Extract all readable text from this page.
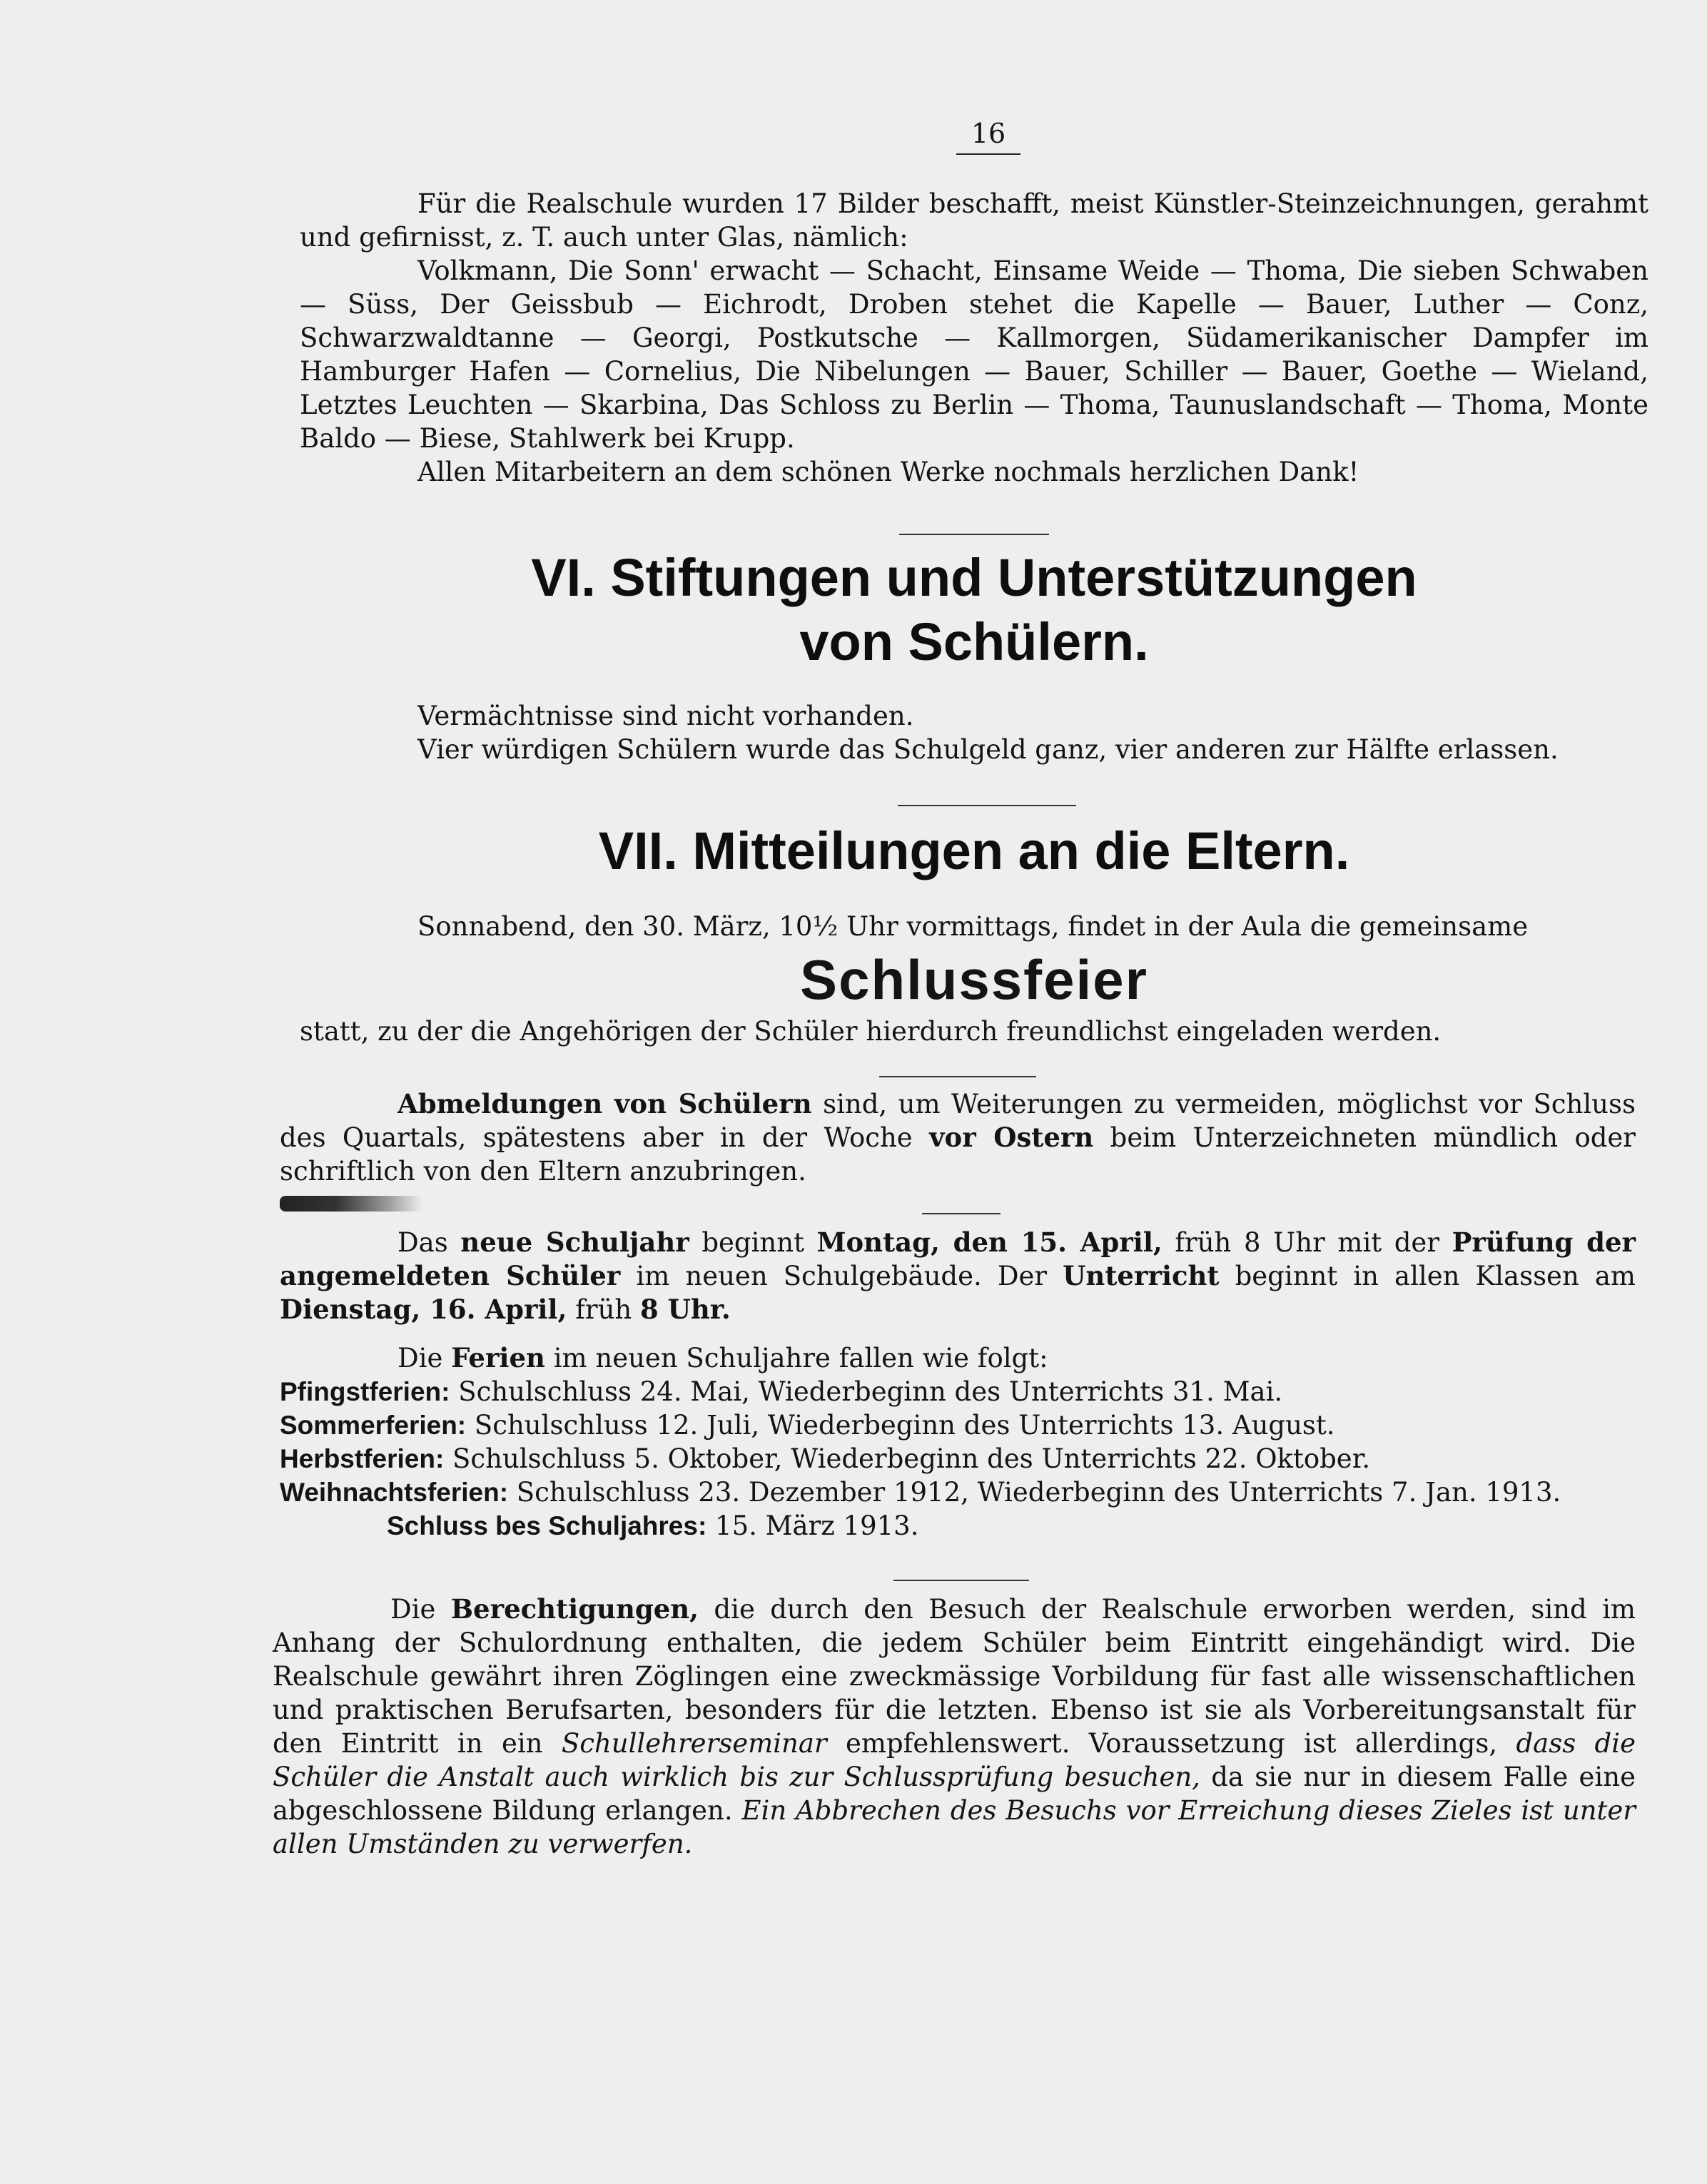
16

Für die Realschule wurden 17 Bilder beschafft, meist Künstler-Steinzeichnungen, gerahmt und gefirnisst, z. T. auch unter Glas, nämlich:

Volkmann, Die Sonn' erwacht — Schacht, Einsame Weide — Thoma, Die sieben Schwaben — Süss, Der Geissbub — Eichrodt, Droben stehet die Kapelle — Bauer, Luther — Conz, Schwarzwaldtanne — Georgi, Postkutsche — Kallmorgen, Südamerikanischer Dampfer im Hamburger Hafen — Cornelius, Die Nibelungen — Bauer, Schiller — Bauer, Goethe — Wieland, Letztes Leuchten — Skarbina, Das Schloss zu Berlin — Thoma, Taunuslandschaft — Thoma, Monte Baldo — Biese, Stahlwerk bei Krupp.

Allen Mitarbeitern an dem schönen Werke nochmals herzlichen Dank!

VI. Stiftungen und Unterstützungen
von Schülern.

Vermächtnisse sind nicht vorhanden.

Vier würdigen Schülern wurde das Schulgeld ganz, vier anderen zur Hälfte erlassen.

VII. Mitteilungen an die Eltern.

Sonnabend, den 30. März, 10½ Uhr vormittags, findet in der Aula die gemeinsame

Schlussfeier

statt, zu der die Angehörigen der Schüler hierdurch freundlichst eingeladen werden.

Abmeldungen von Schülern sind, um Weiterungen zu vermeiden, möglichst vor Schluss des Quartals, spätestens aber in der Woche vor Ostern beim Unterzeichneten mündlich oder schriftlich von den Eltern anzubringen.

Das neue Schuljahr beginnt Montag, den 15. April, früh 8 Uhr mit der Prüfung der angemeldeten Schüler im neuen Schulgebäude. Der Unterricht beginnt in allen Klassen am Dienstag, 16. April, früh 8 Uhr.

Die Ferien im neuen Schuljahre fallen wie folgt:

Pfingstferien: Schulschluss 24. Mai, Wiederbeginn des Unterrichts 31. Mai.
Sommerferien: Schulschluss 12. Juli, Wiederbeginn des Unterrichts 13. August.
Herbstferien: Schulschluss 5. Oktober, Wiederbeginn des Unterrichts 22. Oktober.
Weihnachtsferien: Schulschluss 23. Dezember 1912, Wiederbeginn des Unterrichts 7. Jan. 1913.
Schluss bes Schuljahres: 15. März 1913.

Die Berechtigungen, die durch den Besuch der Realschule erworben werden, sind im Anhang der Schulordnung enthalten, die jedem Schüler beim Eintritt eingehändigt wird. Die Realschule gewährt ihren Zöglingen eine zweckmässige Vorbildung für fast alle wissenschaftlichen und praktischen Berufsarten, besonders für die letzten. Ebenso ist sie als Vorbereitungsanstalt für den Eintritt in ein Schullehrerseminar empfehlenswert. Voraussetzung ist allerdings, dass die Schüler die Anstalt auch wirklich bis zur Schlussprüfung besuchen, da sie nur in diesem Falle eine abgeschlossene Bildung erlangen. Ein Abbrechen des Besuchs vor Erreichung dieses Zieles ist unter allen Umständen zu verwerfen.
